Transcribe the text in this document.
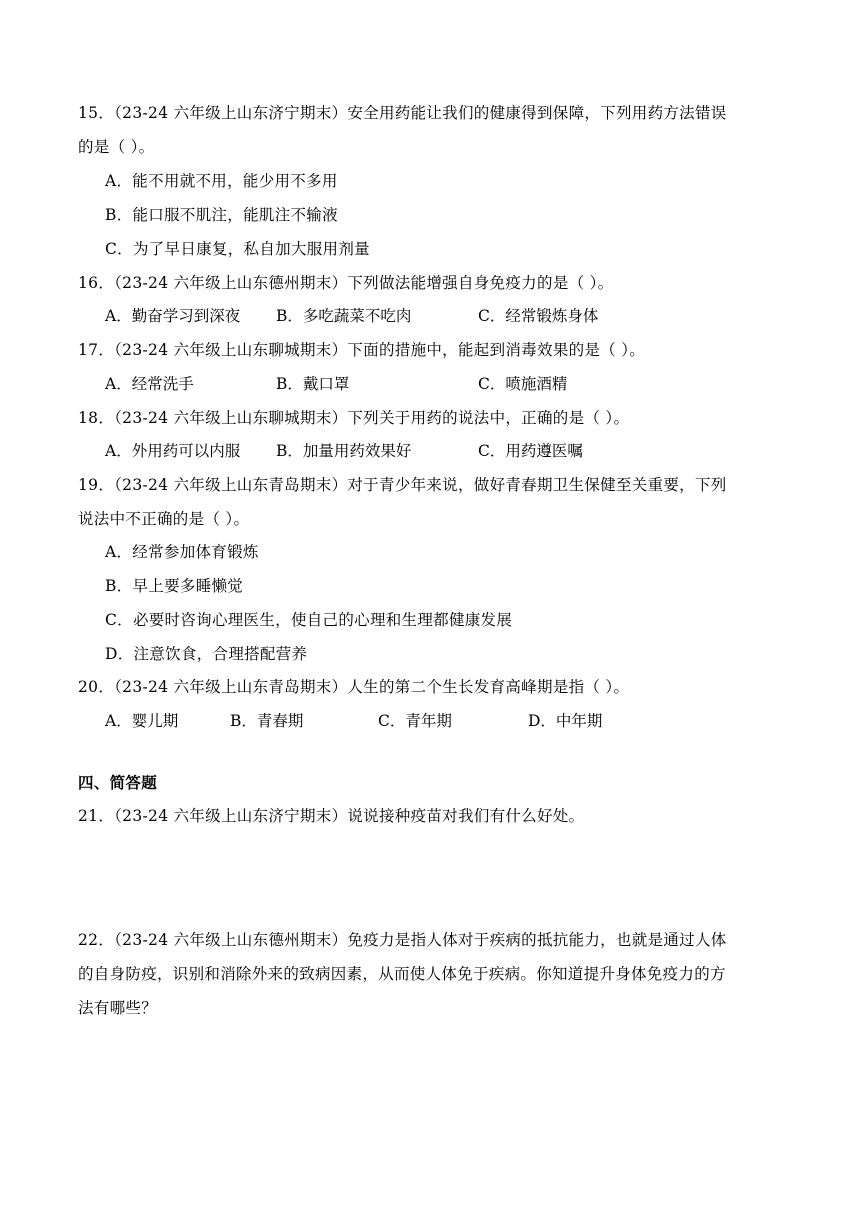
15．（23-24 六年级上山东济宁期末）安全用药能让我们的健康得到保障，下列用药方法错误
的是（ ）。
A．能不用就不用，能少用不多用
B．能口服不肌注，能肌注不输液
C．为了早日康复，私自加大服用剂量
16．（23-24 六年级上山东德州期末）下列做法能增强自身免疫力的是（ ）。
A．勤奋学习到深夜 B．多吃蔬菜不吃肉	C．经常锻炼身体
17．（23-24 六年级上山东聊城期末）下面的措施中，能起到消毒效果的是（ ）。
A．经常洗手	B．戴口罩	C．喷施酒精
18．（23-24 六年级上山东聊城期末）下列关于用药的说法中，正确的是（ ）。
A．外用药可以内服 B．加量用药效果好	C．用药遵医嘱
19．（23-24 六年级上山东青岛期末）对于青少年来说，做好青春期卫生保健至关重要，下列
说法中不正确的是（ ）。
A．经常参加体育锻炼
B．早上要多睡懒觉
C．必要时咨询心理医生，使自己的心理和生理都健康发展
D．注意饮食，合理搭配营养
20．（23-24 六年级上山东青岛期末）人生的第二个生长发育高峰期是指（ ）。
A．婴儿期	B．青春期	C．青年期	D．中年期
四、简答题
21．（23-24 六年级上山东济宁期末）说说接种疫苗对我们有什么好处。
22．（23-24 六年级上山东德州期末）免疫力是指人体对于疾病的抵抗能力，也就是通过人体
的自身防疫，识别和消除外来的致病因素，从而使人体免于疾病。你知道提升身体免疫力的方
法有哪些？
